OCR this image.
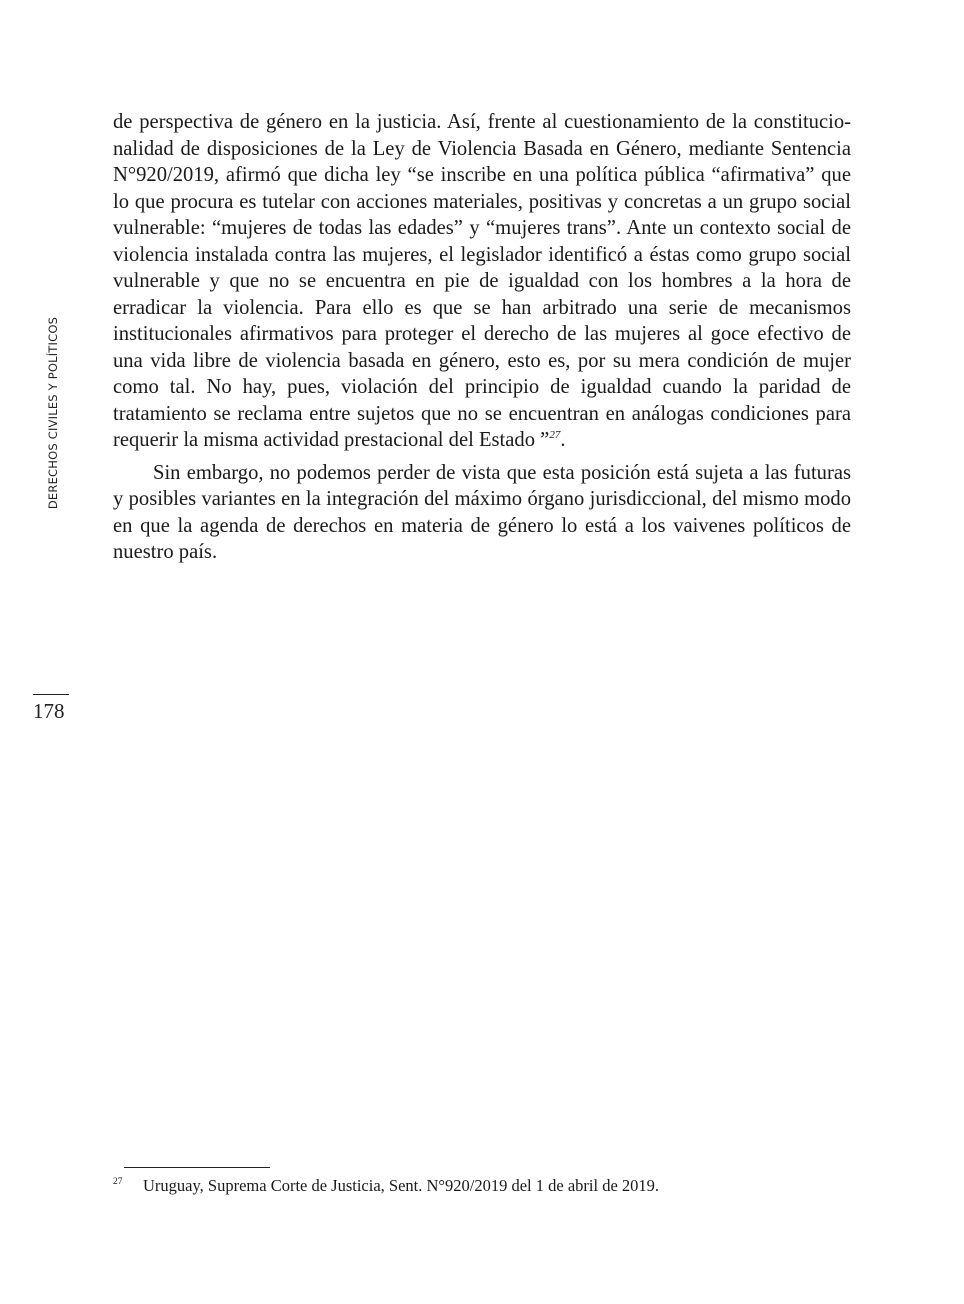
DERECHOS CIVILES Y POLÍTICOS
178

de perspectiva de género en la justicia. Así, frente al cuestionamiento de la constitucionalidad de disposiciones de la Ley de Violencia Basada en Género, mediante Sentencia N°920/2019, afirmó que dicha ley “se inscribe en una política pública “afirmativa” que lo que procura es tutelar con acciones materiales, positivas y concretas a un grupo social vulnerable: “mujeres de todas las edades” y “mujeres trans”. Ante un contexto social de violencia instalada contra las mujeres, el legislador identificó a éstas como grupo social vulnerable y que no se encuentra en pie de igualdad con los hombres a la hora de erradicar la violencia. Para ello es que se han arbitrado una serie de mecanismos institucionales afirmativos para proteger el derecho de las mujeres al goce efectivo de una vida libre de violencia basada en género, esto es, por su mera condición de mujer como tal. No hay, pues, violación del principio de igualdad cuando la paridad de tratamiento se reclama entre sujetos que no se encuentran en análogas condiciones para requerir la misma actividad prestacional del Estado ”$^{27}$.

Sin embargo, no podemos perder de vista que esta posición está sujeta a las futuras y posibles variantes en la integración del máximo órgano jurisdiccional, del mismo modo en que la agenda de derechos en materia de género lo está a los vaivenes políticos de nuestro país.

27 Uruguay, Suprema Corte de Justicia, Sent. N°920/2019 del 1 de abril de 2019.
